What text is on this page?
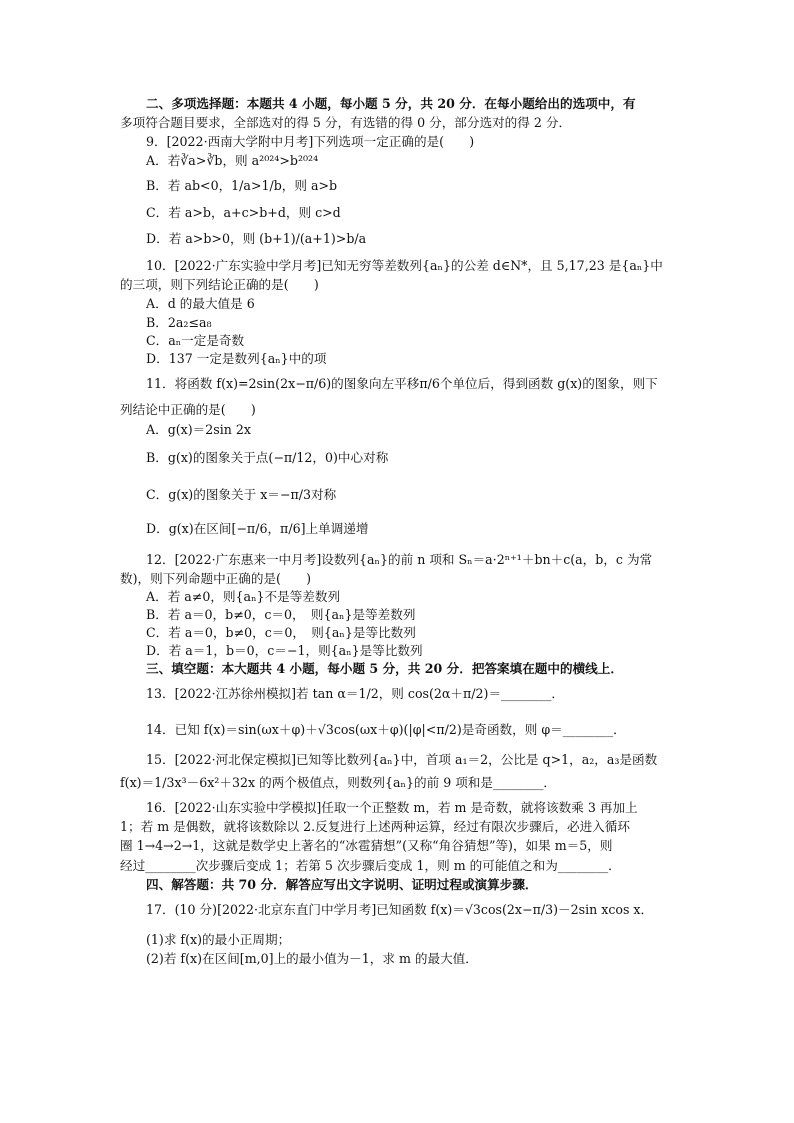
二、多项选择题：本题共 4 小题，每小题 5 分，共 20 分．在每小题给出的选项中，有
多项符合题目要求，全部选对的得 5 分，有选错的得 0 分，部分选对的得 2 分．
9．[2022·西南大学附中月考]下列选项一定正确的是(　　)
A．若∛a>∛b，则 a²⁰²⁴>b²⁰²⁴
B．若 ab<0，1/a>1/b，则 a>b
C．若 a>b，a+c>b+d，则 c>d
D．若 a>b>0，则 (b+1)/(a+1)>b/a
10．[2022·广东实验中学月考]已知无穷等差数列{aₙ}的公差 d∈N*，且 5,17,23 是{aₙ}中
的三项，则下列结论正确的是(　　)
A．d 的最大值是 6
B．2a₂≤a₈
C．aₙ一定是奇数
D．137 一定是数列{aₙ}中的项
11．将函数 f(x)=2sin(2x−π/6)的图象向左平移π/6个单位后，得到函数 g(x)的图象，则下
列结论中正确的是(　　)
A．g(x)＝2sin 2x
B．g(x)的图象关于点(−π/12，0)中心对称
C．g(x)的图象关于 x＝−π/3对称
D．g(x)在区间[−π/6，π/6]上单调递增
12．[2022·广东惠来一中月考]设数列{aₙ}的前 n 项和 Sₙ＝a·2ⁿ⁺¹＋bn＋c(a，b，c 为常
数)，则下列命题中正确的是(　　)
A．若 a≠0，则{aₙ}不是等差数列
B．若 a＝0，b≠0，c＝0，　则{aₙ}是等差数列
C．若 a＝0，b≠0，c＝0，　则{aₙ}是等比数列
D．若 a＝1，b＝0，c＝−1，则{aₙ}是等比数列
三、填空题：本大题共 4 小题，每小题 5 分，共 20 分．把答案填在题中的横线上．
13．[2022·江苏徐州模拟]若 tan α＝1/2，则 cos(2α＋π/2)＝________．
14．已知 f(x)＝sin(ωx＋φ)＋√3cos(ωx＋φ)(|φ|<π/2)是奇函数，则 φ＝________．
15．[2022·河北保定模拟]已知等比数列{aₙ}中，首项 a₁＝2，公比是 q>1，a₂，a₃是函数
f(x)＝1/3x³－6x²＋32x 的两个极值点，则数列{aₙ}的前 9 项和是________．
16．[2022·山东实验中学模拟]任取一个正整数 m，若 m 是奇数，就将该数乘 3 再加上
1；若 m 是偶数，就将该数除以 2.反复进行上述两种运算，经过有限次步骤后，必进入循环
圈 1→4→2→1，这就是数学史上著名的“冰雹猜想”(又称“角谷猜想”等)，如果 m＝5，则
经过________次步骤后变成 1；若第 5 次步骤后变成 1，则 m 的可能值之和为________．
四、解答题：共 70 分．解答应写出文字说明、证明过程或演算步骤．
17．(10 分)[2022·北京东直门中学月考]已知函数 f(x)＝√3cos(2x−π/3)－2sin xcos x．
(1)求 f(x)的最小正周期；
(2)若 f(x)在区间[m,0]上的最小值为－1，求 m 的最大值．
